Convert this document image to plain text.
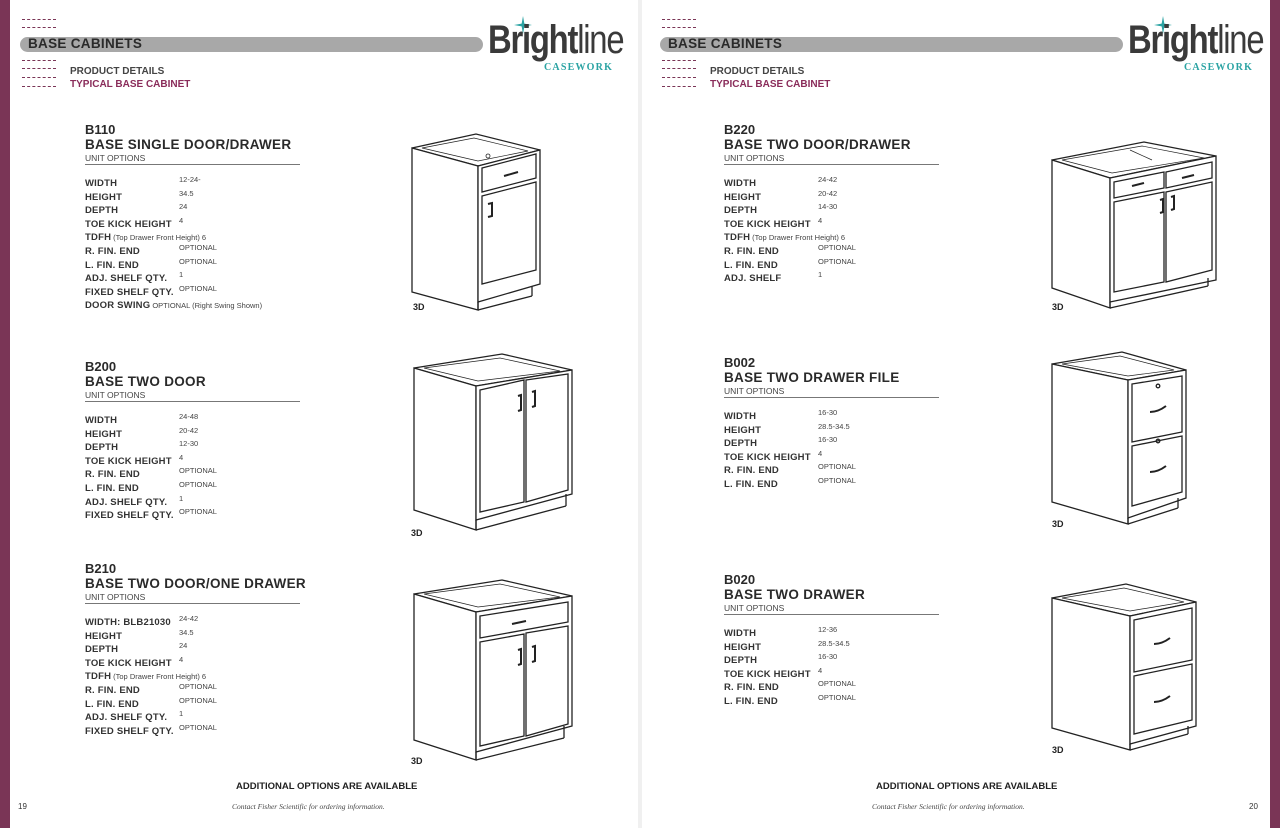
BASE CABINETS
PRODUCT DETAILS
TYPICAL BASE CABINET
Brightline
CASEWORK
B110
BASE SINGLE DOOR/DRAWER
UNIT OPTIONS
WIDTH	12-24-
HEIGHT	34.5
DEPTH	24
TOE KICK HEIGHT 4
TDFH (Top Drawer Front Height) 6
R. FIN. END	OPTIONAL
L. FIN. END	OPTIONAL
ADJ. SHELF QTY. 1
FIXED SHELF QTY. OPTIONAL
DOOR SWING OPTIONAL (Right Swing Shown)	3D
B200
BASE TWO DOOR
UNIT OPTIONS
WIDTH	24-48
HEIGHT	20-42
DEPTH	12-30
TOE KICK HEIGHT 4
R. FIN. END	OPTIONAL
L. FIN. END	OPTIONAL
ADJ. SHELF QTY. 1
FIXED SHELF QTY. OPTIONAL
3D
B210
BASE TWO DOOR/ONE DRAWER
UNIT OPTIONS
WIDTH: BLB21030 24-42
HEIGHT	34.5
DEPTH	24
TOE KICK HEIGHT 4
TDFH (Top Drawer Front Height) 6
R. FIN. END	OPTIONAL
L. FIN. END	OPTIONAL
ADJ. SHELF QTY. 1
FIXED SHELF QTY. OPTIONAL
3D
ADDITIONAL OPTIONS ARE AVAILABLE
Contact Fisher Scientific for ordering information.
19
BASE CABINETS
PRODUCT DETAILS
TYPICAL BASE CABINET
Brightline
CASEWORK
B220
BASE TWO DOOR/DRAWER
UNIT OPTIONS
WIDTH	24-42
HEIGHT	20-42
DEPTH	14-30
TOE KICK HEIGHT 4
TDFH (Top Drawer Front Height) 6
R. FIN. END	OPTIONAL
L. FIN. END	OPTIONAL
ADJ. SHELF	1
3D
B002
BASE TWO DRAWER FILE
UNIT OPTIONS
WIDTH	16-30
HEIGHT	28.5-34.5
DEPTH	16-30
TOE KICK HEIGHT 4
R. FIN. END	OPTIONAL
L. FIN. END	OPTIONAL
3D
B020
BASE TWO DRAWER
UNIT OPTIONS
WIDTH	12-36
HEIGHT	28.5-34.5
DEPTH	16-30
TOE KICK HEIGHT 4
R. FIN. END	OPTIONAL
L. FIN. END	OPTIONAL
3D
ADDITIONAL OPTIONS ARE AVAILABLE
Contact Fisher Scientific for ordering information.	20
